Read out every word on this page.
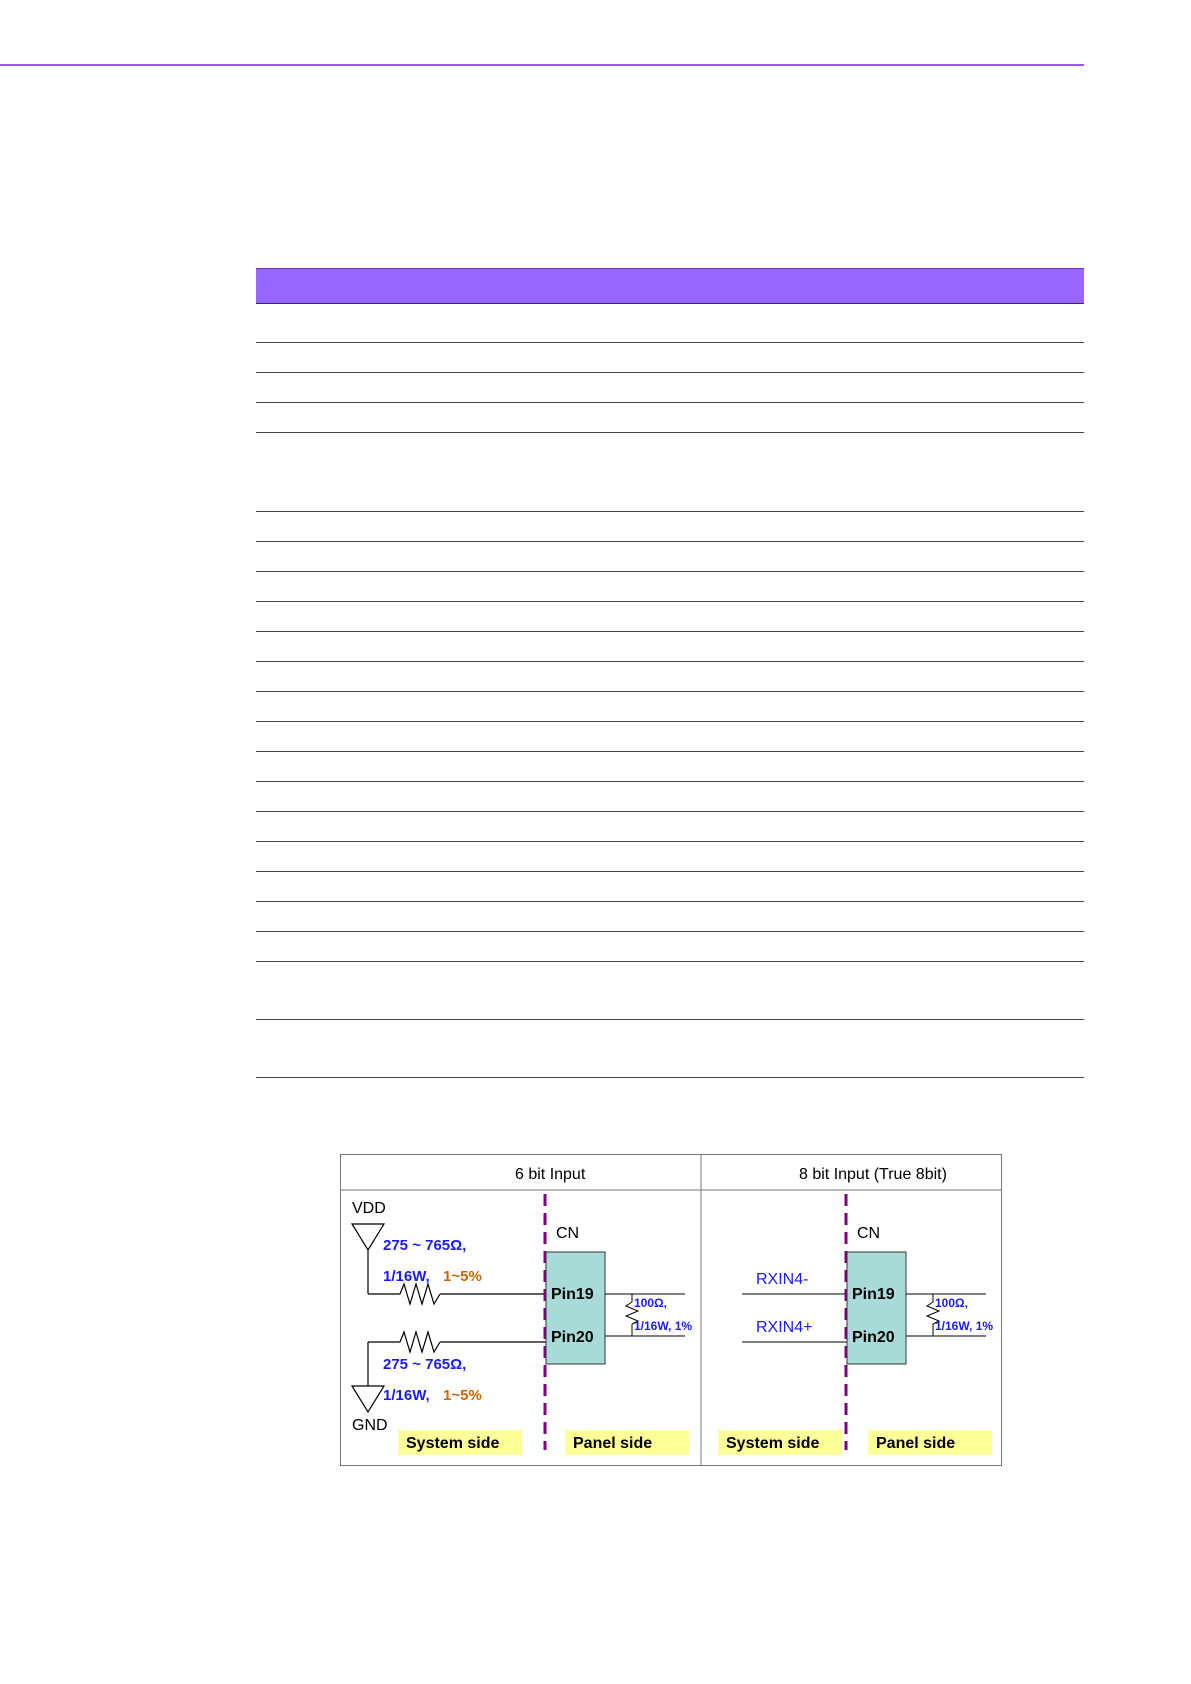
6 bit Input	8 bit Input (True 8bit)
VDD
275 ~ 765Ω,
1/16W, 1~5%
GND
275 ~ 765Ω,
1/16W, 1~5%
CN
Pin19
Pin20
100Ω,
1/16W, 1%
System side	Panel side
RXIN4-
RXIN4+
CN
Pin19
Pin20
100Ω,
1/16W, 1%
System side	Panel side
